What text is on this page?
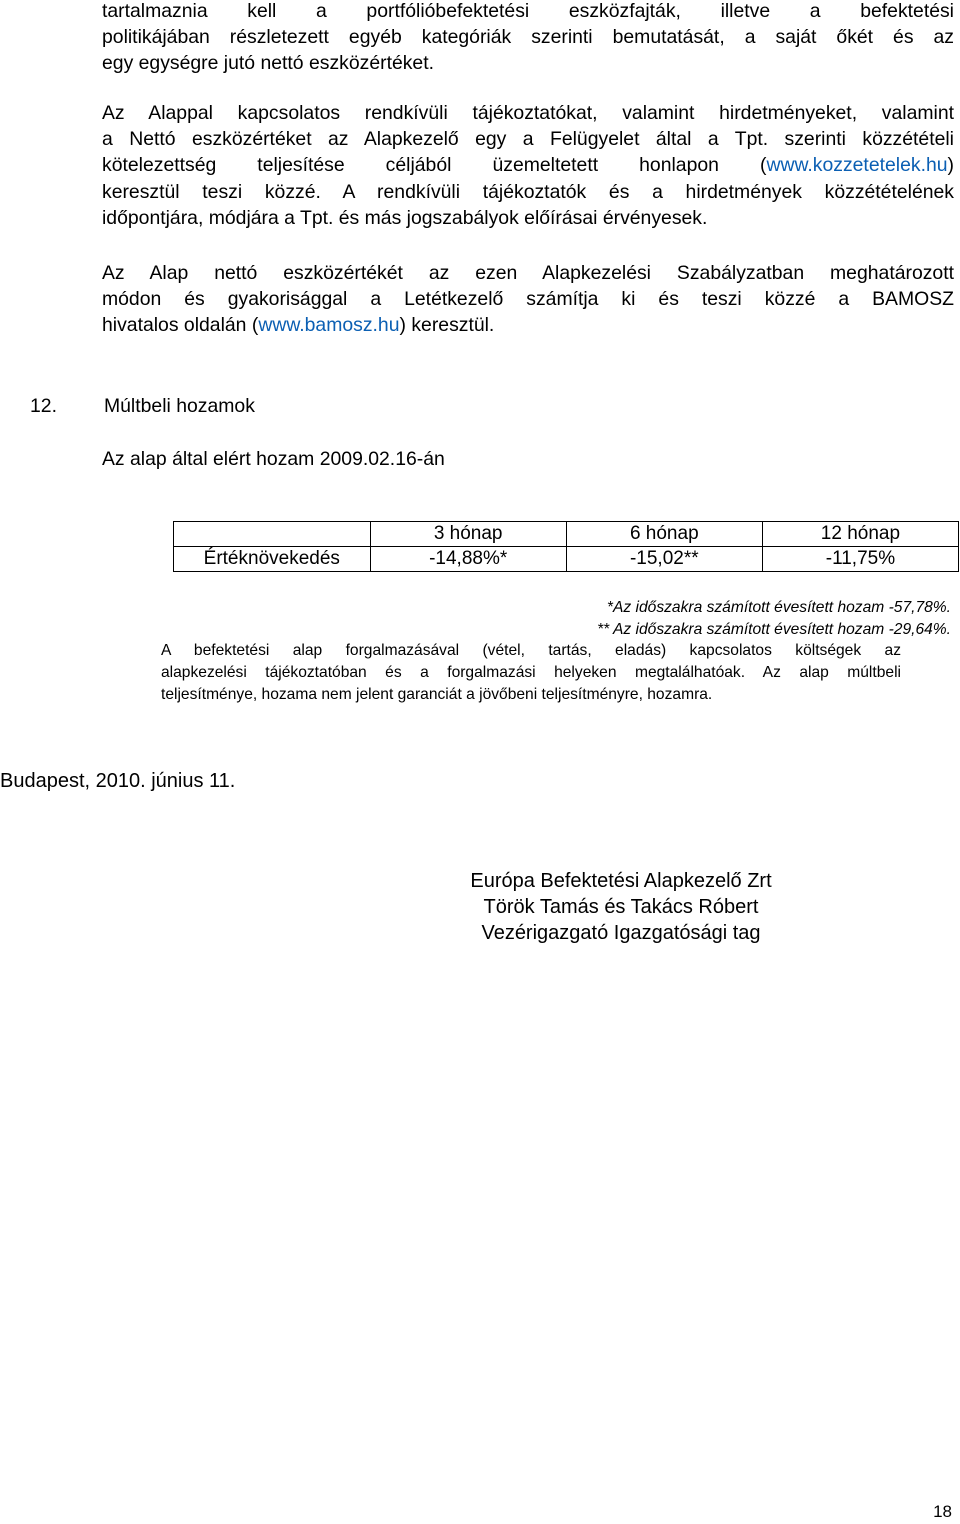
tartalmaznia kell a portfólióbefektetési eszközfajták, illetve a befektetési
politikájában részletezett egyéb kategóriák szerinti bemutatását, a saját őkét és az
egy egységre jutó nettó eszközértéket.
Az Alappal kapcsolatos rendkívüli tájékoztatókat, valamint hirdetményeket, valamint
a Nettó eszközértéket az Alapkezelő egy a Felügyelet által a Tpt. szerinti közzétételi
kötelezettség teljesítése céljából üzemeltetett honlapon (www.kozzetetelek.hu)
keresztül teszi közzé. A rendkívüli tájékoztatók és a hirdetmények közzétételének
időpontjára, módjára a Tpt. és más jogszabályok előírásai érvényesek.
Az Alap nettó eszközértékét az ezen Alapkezelési Szabályzatban meghatározott
módon és gyakorisággal a Letétkezelő számítja ki és teszi közzé a BAMOSZ
hivatalos oldalán (www.bamosz.hu) keresztül.
12. Múltbeli hozamok
Az alap által elért hozam 2009.02.16-án
	3 hónap	6 hónap	12 hónap
Értéknövekedés	-14,88%*	-15,02**	-11,75%
*Az időszakra számított évesített hozam -57,78%.
** Az időszakra számított évesített hozam -29,64%.
A befektetési alap forgalmazásával (vétel, tartás, eladás) kapcsolatos költségek az
alapkezelési tájékoztatóban és a forgalmazási helyeken megtalálhatóak. Az alap múltbeli
teljesítménye, hozama nem jelent garanciát a jövőbeni teljesítményre, hozamra.
Budapest, 2010. június 11.
Európa Befektetési Alapkezelő Zrt
Török Tamás és Takács Róbert
Vezérigazgató Igazgatósági tag
18
